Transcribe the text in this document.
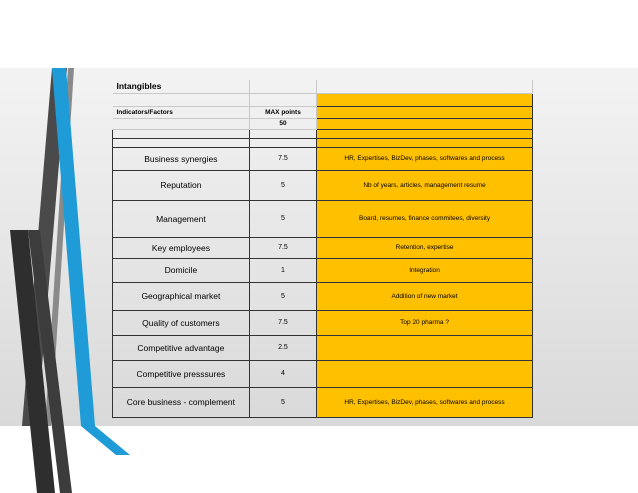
Intangibles		

Indicators/Factors	MAX points	
	50	

Business synergies	7.5	HR, Expertises, BizDev, phases, softwares and process
Reputation	5	Nb of years, articles, management resume
Management	5	Board, resumes, finance commitees, diversity
Key employees	7.5	Retention, expertise
Domicile	1	Integration
Geographical market	5	Addition of new market
Quality of customers	7.5	Top 20 pharma ?
Competitive advantage	2.5	
Competitive presssures	4	
Core business - complement	5	HR, Expertises, BizDev, phases, softwares and process
